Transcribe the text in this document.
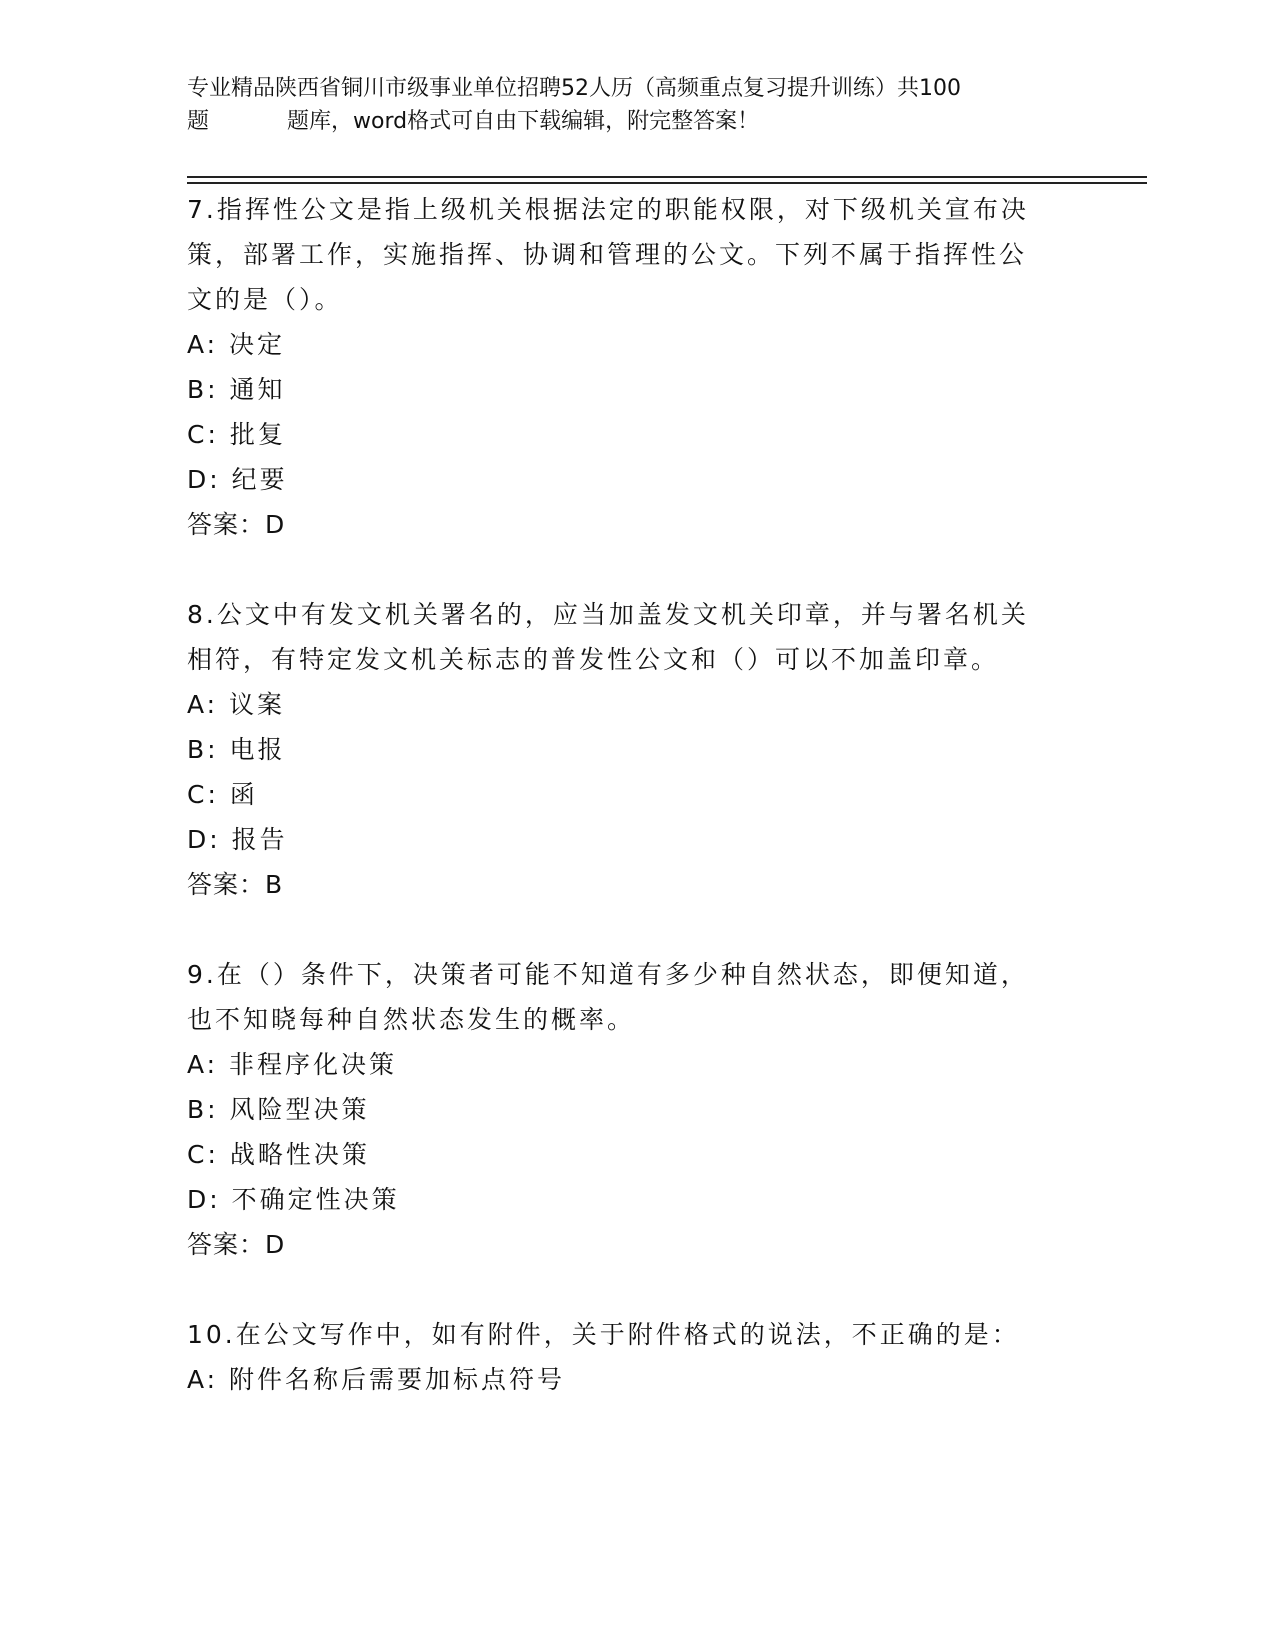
专业精品陕西省铜川市级事业单位招聘52人历（高频重点复习提升训练）共100
题	题库，word格式可自由下载编辑，附完整答案！
7.指挥性公文是指上级机关根据法定的职能权限，对下级机关宣布决
策，部署工作，实施指挥、协调和管理的公文。下列不属于指挥性公
文的是（）。
A: 决定
B: 通知
C: 批复
D: 纪要
答案：D
8.公文中有发文机关署名的，应当加盖发文机关印章，并与署名机关
相符，有特定发文机关标志的普发性公文和（）可以不加盖印章。
A: 议案
B: 电报
C: 函
D: 报告
答案：B
9.在（）条件下，决策者可能不知道有多少种自然状态，即便知道，
也不知晓每种自然状态发生的概率。
A: 非程序化决策
B: 风险型决策
C: 战略性决策
D: 不确定性决策
答案：D
10.在公文写作中，如有附件，关于附件格式的说法，不正确的是：
A: 附件名称后需要加标点符号
